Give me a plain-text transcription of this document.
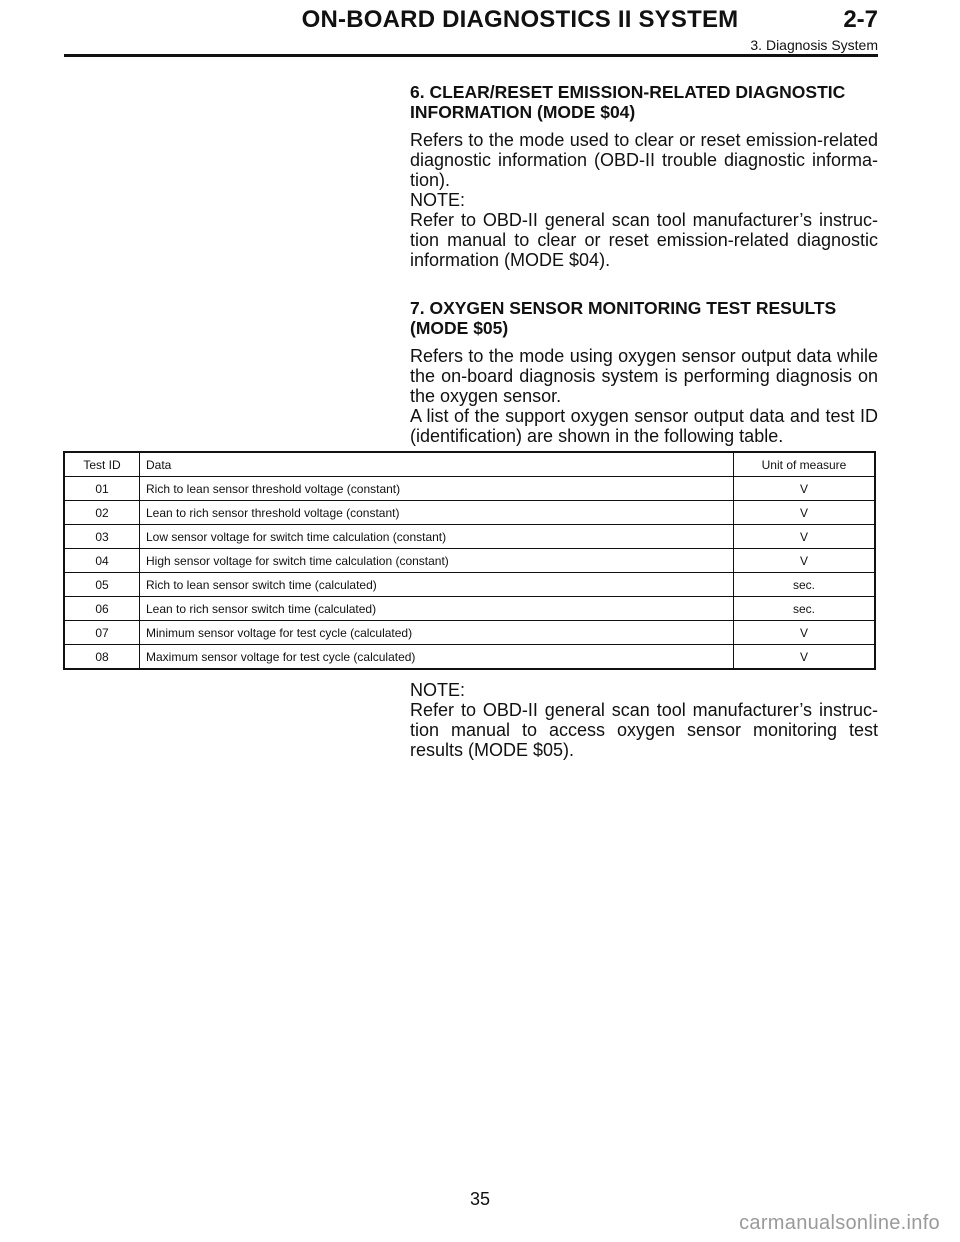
ON-BOARD DIAGNOSTICS II SYSTEM	2-7
3. Diagnosis System
6. CLEAR/RESET EMISSION-RELATED DIAGNOSTIC
INFORMATION (MODE $04)
Refers to the mode used to clear or reset emission-related diagnostic information (OBD-II trouble diagnostic informa-tion).
NOTE:
Refer to OBD-II general scan tool manufacturer’s instruc-tion manual to clear or reset emission-related diagnostic information (MODE $04).
7. OXYGEN SENSOR MONITORING TEST RESULTS
(MODE $05)
Refers to the mode using oxygen sensor output data while the on-board diagnosis system is performing diagnosis on the oxygen sensor.
A list of the support oxygen sensor output data and test ID (identification) are shown in the following table.
Test ID	Data	Unit of measure
01	Rich to lean sensor threshold voltage (constant)	V
02	Lean to rich sensor threshold voltage (constant)	V
03	Low sensor voltage for switch time calculation (constant)	V
04	High sensor voltage for switch time calculation (constant)	V
05	Rich to lean sensor switch time (calculated)	sec.
06	Lean to rich sensor switch time (calculated)	sec.
07	Minimum sensor voltage for test cycle (calculated)	V
08	Maximum sensor voltage for test cycle (calculated)	V
NOTE:
Refer to OBD-II general scan tool manufacturer’s instruc-tion manual to access oxygen sensor monitoring test results (MODE $05).
35
carmanualsonline.info
